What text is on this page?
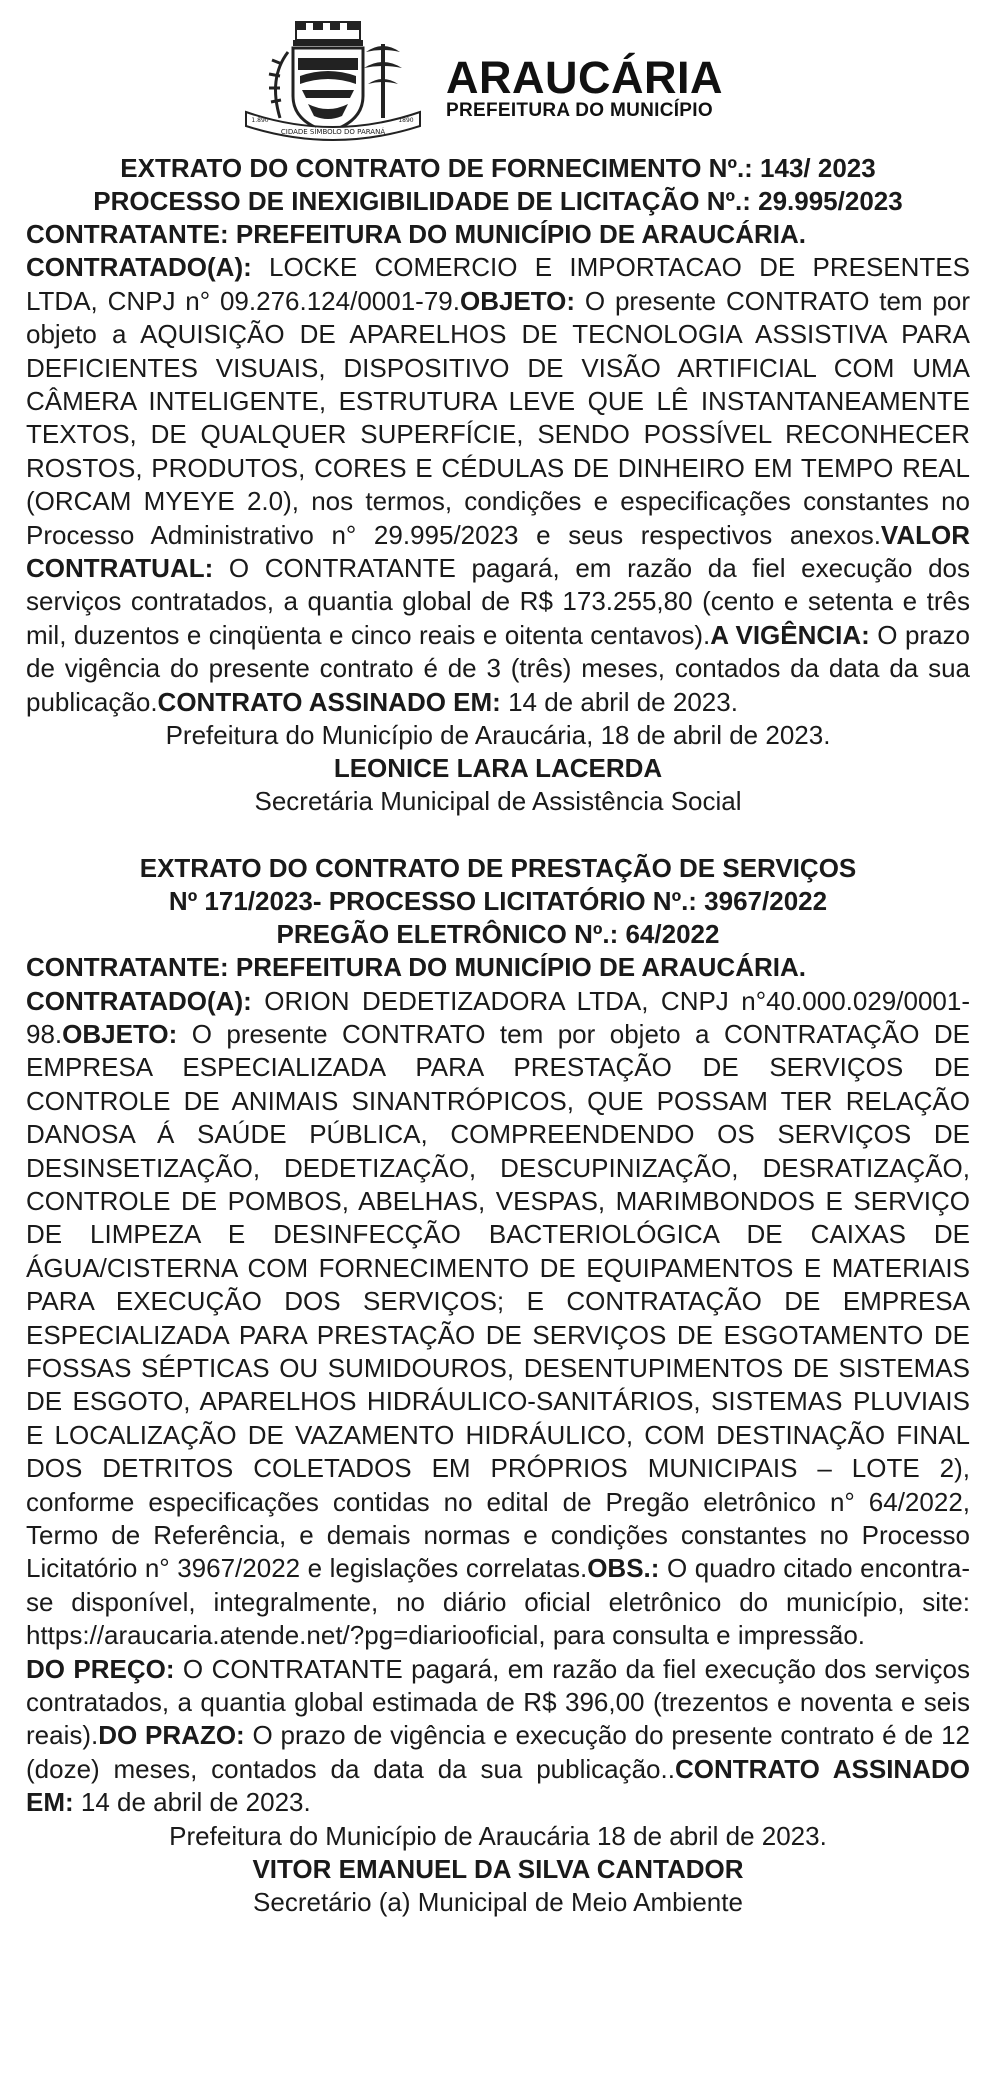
CIDADE SÍMBOLO DO PARANÁ
1.890	1890
ARAUCÁRIA
PREFEITURA DO MUNICÍPIO

EXTRATO DO CONTRATO DE FORNECIMENTO Nº.: 143/ 2023

PROCESSO DE INEXIGIBILIDADE DE LICITAÇÃO Nº.: 29.995/2023

CONTRATANTE: PREFEITURA DO MUNICÍPIO DE ARAUCÁRIA.
CONTRATADO(A): LOCKE COMERCIO E IMPORTACAO DE PRESENTES LTDA, CNPJ n° 09.276.124/0001-79.OBJETO: O presente CONTRATO tem por objeto a AQUISIÇÃO DE APARELHOS DE TECNOLOGIA ASSISTIVA PARA DEFICIENTES VISUAIS, DISPOSITIVO DE VISÃO ARTIFICIAL COM UMA CÂMERA INTELIGENTE, ESTRUTURA LEVE QUE LÊ INSTANTANEAMENTE TEXTOS, DE QUALQUER SUPERFÍCIE, SENDO POSSÍVEL RECONHECER ROSTOS, PRODUTOS, CORES E CÉDULAS DE DINHEIRO EM TEMPO REAL (ORCAM MYEYE 2.0), nos termos, condições e especificações constantes no Processo Administrativo n° 29.995/2023 e seus respectivos anexos.VALOR CONTRATUAL: O CONTRATANTE pagará, em razão da fiel execução dos serviços contratados, a quantia global de R$ 173.255,80 (cento e setenta e três mil, duzentos e cinqüenta e cinco reais e oitenta centavos).A VIGÊNCIA: O prazo de vigência do presente contrato é de 3 (três) meses, contados da data da sua publicação.CONTRATO ASSINADO EM: 14 de abril de 2023.

Prefeitura do Município de Araucária, 18 de abril de 2023.

LEONICE LARA LACERDA

Secretária Municipal de Assistência Social

EXTRATO DO CONTRATO DE PRESTAÇÃO DE SERVIÇOS

Nº 171/2023- PROCESSO LICITATÓRIO Nº.: 3967/2022

PREGÃO ELETRÔNICO Nº.: 64/2022

CONTRATANTE: PREFEITURA DO MUNICÍPIO DE ARAUCÁRIA.
CONTRATADO(A): ORION DEDETIZADORA LTDA, CNPJ n°40.000.029/0001-98.OBJETO: O presente CONTRATO tem por objeto a CONTRATAÇÃO DE EMPRESA ESPECIALIZADA PARA PRESTAÇÃO DE SERVIÇOS DE CONTROLE DE ANIMAIS SINANTRÓPICOS, QUE POSSAM TER RELAÇÃO DANOSA Á SAÚDE PÚBLICA, COMPREENDENDO OS SERVIÇOS DE DESINSETIZAÇÃO, DEDETIZAÇÃO, DESCUPINIZAÇÃO, DESRATIZAÇÃO, CONTROLE DE POMBOS, ABELHAS, VESPAS, MARIMBONDOS E SERVIÇO DE LIMPEZA E DESINFECÇÃO BACTERIOLÓGICA DE CAIXAS DE ÁGUA/CISTERNA COM FORNECIMENTO DE EQUIPAMENTOS E MATERIAIS PARA EXECUÇÃO DOS SERVIÇOS; E CONTRATAÇÃO DE EMPRESA ESPECIALIZADA PARA PRESTAÇÃO DE SERVIÇOS DE ESGOTAMENTO DE FOSSAS SÉPTICAS OU SUMIDOUROS, DESENTUPIMENTOS DE SISTEMAS DE ESGOTO, APARELHOS HIDRÁULICO-SANITÁRIOS, SISTEMAS PLUVIAIS E LOCALIZAÇÃO DE VAZAMENTO HIDRÁULICO, COM DESTINAÇÃO FINAL DOS DETRITOS COLETADOS EM PRÓPRIOS MUNICIPAIS – LOTE 2), conforme especificações contidas no edital de Pregão eletrônico n° 64/2022, Termo de Referência, e demais normas e condições constantes no Processo Licitatório n° 3967/2022 e legislações correlatas.OBS.: O quadro citado encontra-se disponível, integralmente, no diário oficial eletrônico do município, site: https://araucaria.atende.net/?pg=diariooficial, para consulta e impressão.
DO PREÇO: O CONTRATANTE pagará, em razão da fiel execução dos serviços contratados, a quantia global estimada de R$ 396,00 (trezentos e noventa e seis reais).DO PRAZO: O prazo de vigência e execução do presente contrato é de 12 (doze) meses, contados da data da sua publicação..CONTRATO ASSINADO EM: 14 de abril de 2023.

Prefeitura do Município de Araucária 18 de abril de 2023.

VITOR EMANUEL DA SILVA CANTADOR

Secretário (a) Municipal de Meio Ambiente
